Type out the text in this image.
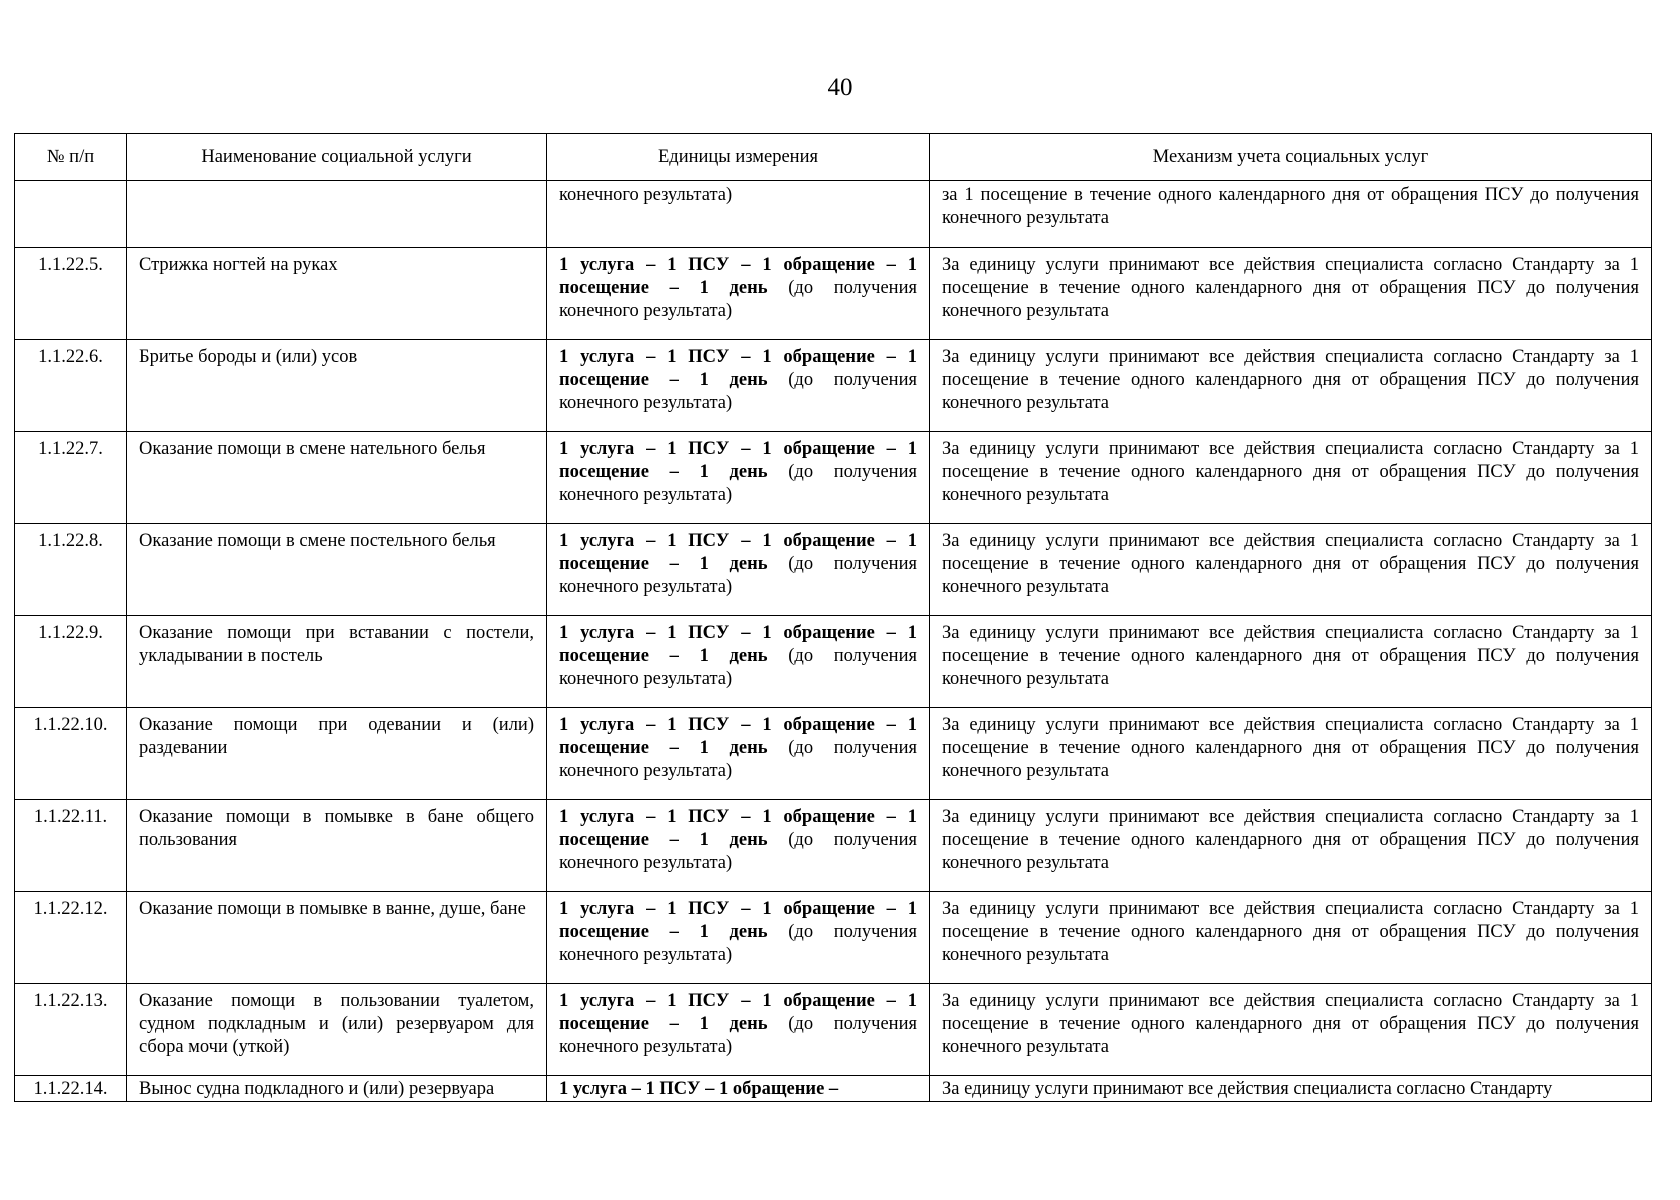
40
№ п/п	Наименование социальной услуги	Единицы измерения	Механизм учета социальных услуг
		конечного результата)	за 1 посещение в течение одного календарного дня от обращения ПСУ до получения конечного результата
1.1.22.5.	Стрижка ногтей на руках	1 услуга – 1 ПСУ – 1 обращение – 1 посещение – 1 день (до получения конечного результата)	За единицу услуги принимают все действия специалиста согласно Стандарту за 1 посещение в течение одного календарного дня от обращения ПСУ до получения конечного результата
1.1.22.6.	Бритье бороды и (или) усов	1 услуга – 1 ПСУ – 1 обращение – 1 посещение – 1 день (до получения конечного результата)	За единицу услуги принимают все действия специалиста согласно Стандарту за 1 посещение в течение одного календарного дня от обращения ПСУ до получения конечного результата
1.1.22.7.	Оказание помощи в смене нательного белья	1 услуга – 1 ПСУ – 1 обращение – 1 посещение – 1 день (до получения конечного результата)	За единицу услуги принимают все действия специалиста согласно Стандарту за 1 посещение в течение одного календарного дня от обращения ПСУ до получения конечного результата
1.1.22.8.	Оказание помощи в смене постельного белья	1 услуга – 1 ПСУ – 1 обращение – 1 посещение – 1 день (до получения конечного результата)	За единицу услуги принимают все действия специалиста согласно Стандарту за 1 посещение в течение одного календарного дня от обращения ПСУ до получения конечного результата
1.1.22.9.	Оказание помощи при вставании с постели, укладывании в постель	1 услуга – 1 ПСУ – 1 обращение – 1 посещение – 1 день (до получения конечного результата)	За единицу услуги принимают все действия специалиста согласно Стандарту за 1 посещение в течение одного календарного дня от обращения ПСУ до получения конечного результата
1.1.22.10.	Оказание помощи при одевании и (или) раздевании	1 услуга – 1 ПСУ – 1 обращение – 1 посещение – 1 день (до получения конечного результата)	За единицу услуги принимают все действия специалиста согласно Стандарту за 1 посещение в течение одного календарного дня от обращения ПСУ до получения конечного результата
1.1.22.11.	Оказание помощи в помывке в бане общего пользования	1 услуга – 1 ПСУ – 1 обращение – 1 посещение – 1 день (до получения конечного результата)	За единицу услуги принимают все действия специалиста согласно Стандарту за 1 посещение в течение одного календарного дня от обращения ПСУ до получения конечного результата
1.1.22.12.	Оказание помощи в помывке в ванне, душе, бане	1 услуга – 1 ПСУ – 1 обращение – 1 посещение – 1 день (до получения конечного результата)	За единицу услуги принимают все действия специалиста согласно Стандарту за 1 посещение в течение одного календарного дня от обращения ПСУ до получения конечного результата
1.1.22.13.	Оказание помощи в пользовании туалетом, судном подкладным и (или) резервуаром для сбора мочи (уткой)	1 услуга – 1 ПСУ – 1 обращение – 1 посещение – 1 день (до получения конечного результата)	За единицу услуги принимают все действия специалиста согласно Стандарту за 1 посещение в течение одного календарного дня от обращения ПСУ до получения конечного результата
1.1.22.14.	Вынос судна подкладного и (или) резервуара	1 услуга – 1 ПСУ – 1 обращение –	За единицу услуги принимают все действия специалиста согласно Стандарту
